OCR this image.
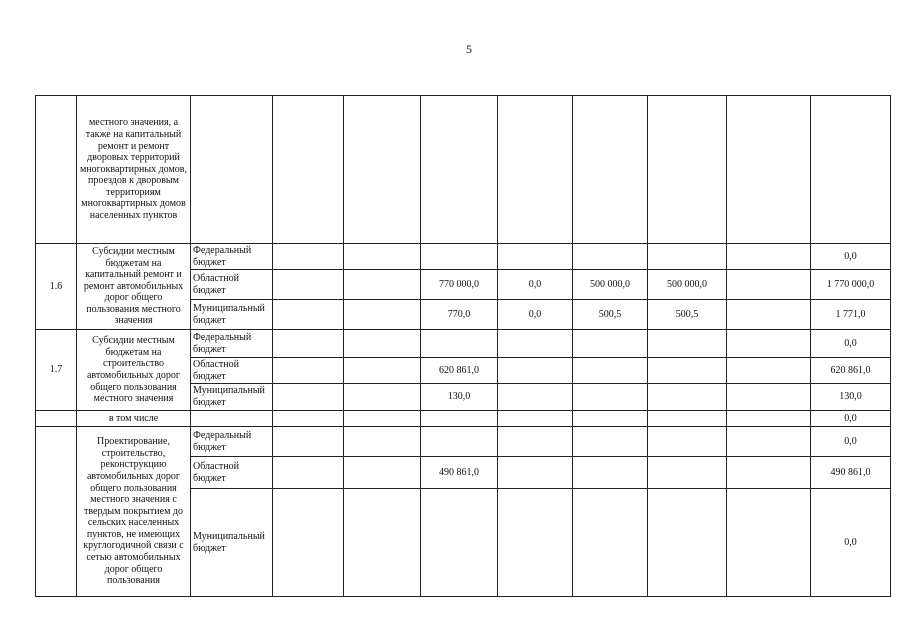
5
	местного значения, а также на капитальный ремонт и ремонт дворовых территорий многоквартирных домов, проездов к дворовым территориям многоквартирных домов населенных пунктов									
1.6	Субсидии местным бюджетам на капитальный ремонт и ремонт автомобильных дорог общего пользования местного значения	Федеральный бюджет								0,0
		Областной бюджет			770 000,0	0,0	500 000,0	500 000,0		1 770 000,0
		Муниципальный бюджет			770,0	0,0	500,5	500,5		1 771,0
1.7	Субсидии местным бюджетам на строительство автомобильных дорог общего пользования местного значения	Федеральный бюджет								0,0
		Областной бюджет			620 861,0					620 861,0
		Муниципальный бюджет			130,0					130,0
	в том числе									0,0
	Проектирование, строительство, реконструкцию автомобильных дорог общего пользования местного значения с твердым покрытием до сельских населенных пунктов, не имеющих круглогодичной связи с сетью автомобильных дорог общего пользования	Федеральный бюджет								0,0
		Областной бюджет			490 861,0					490 861,0
		Муниципальный бюджет								0,0
